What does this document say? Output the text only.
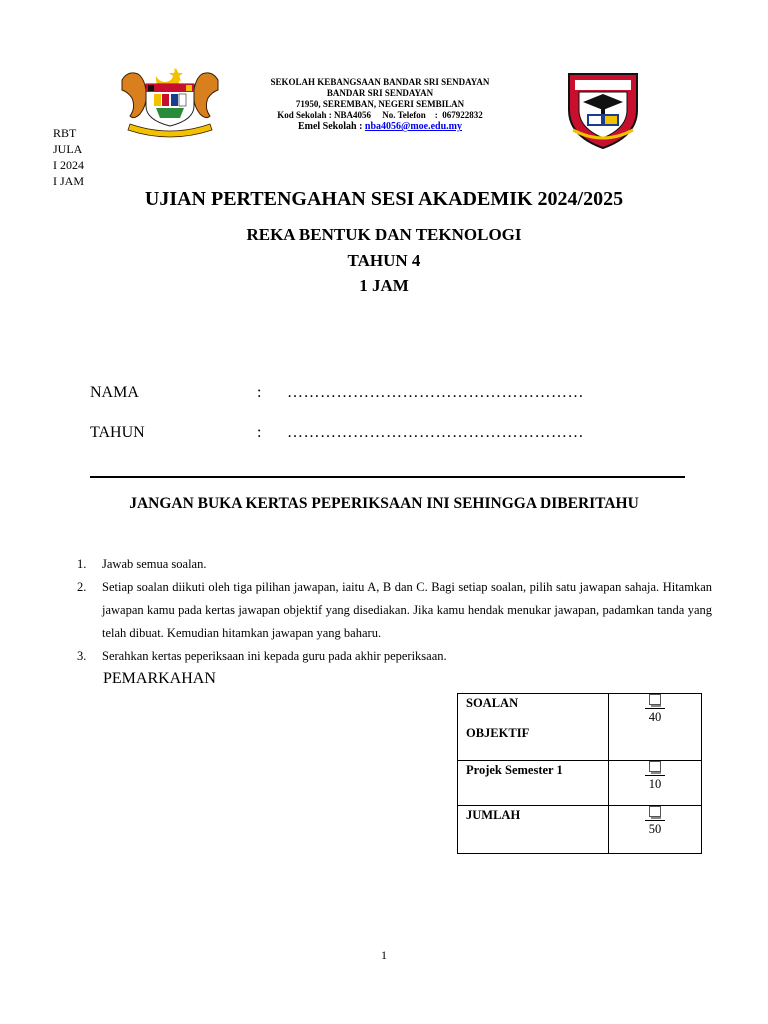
SEKOLAH KEBANGSAAN BANDAR SRI SENDAYAN
BANDAR SRI SENDAYAN
71950, SEREMBAN, NEGERI SEMBILAN
Kod Sekolah : NBA4056 No. Telefon : 067922832
Emel Sekolah : nba4056@moe.edu.my
RBT
JULA
I 2024
I JAM
UJIAN PERTENGAHAN SESI AKADEMIK 2024/2025
REKA BENTUK DAN TEKNOLOGI
TAHUN 4
1 JAM
NAMA	: ………………………………………………
TAHUN	: ………………………………………………
JANGAN BUKA KERTAS PEPERIKSAAN INI SEHINGGA DIBERITAHU
1. Jawab semua soalan.
2. Setiap soalan diikuti oleh tiga pilihan jawapan, iaitu A, B dan C. Bagi setiap soalan, pilih satu jawapan sahaja. Hitamkan jawapan kamu pada kertas jawapan objektif yang disediakan. Jika kamu hendak menukar jawapan, padamkan tanda yang telah dibuat. Kemudian hitamkan jawapan yang baharu.
3. Serahkan kertas peperiksaan ini kepada guru pada akhir peperiksaan.
PEMARKAHAN
SOALAN
OBJEKTIF	40

Projek Semester 1	10

JUMLAH	50
1
